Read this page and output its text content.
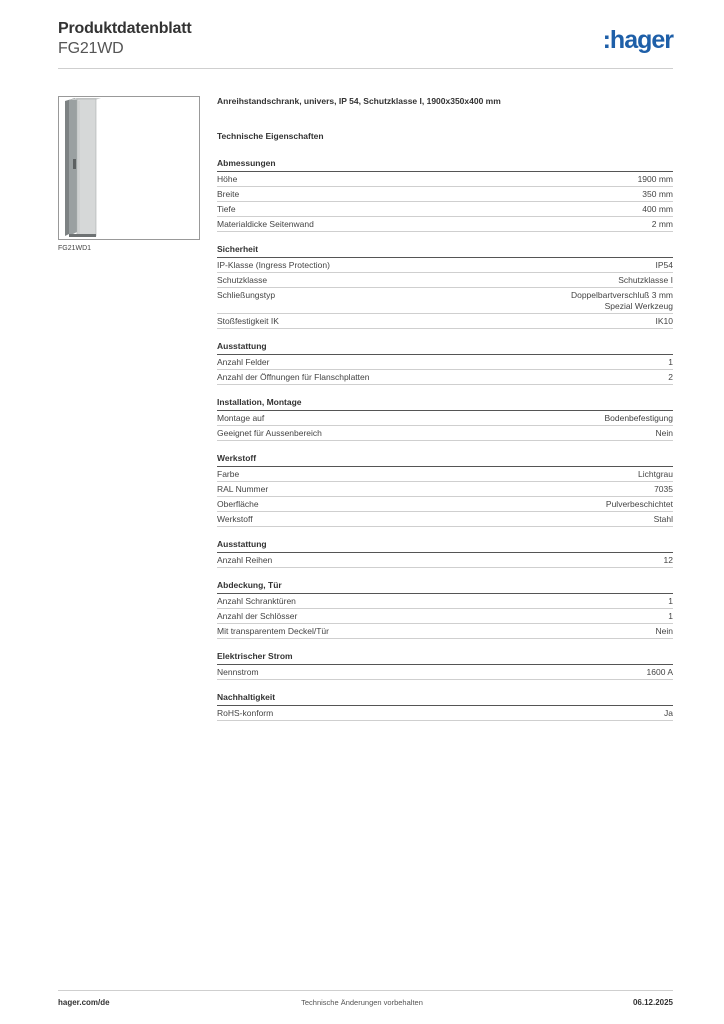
Produktdatenblatt
FG21WD	:hager
FG21WD1
Anreihstandschrank, univers, IP 54, Schutzklasse I, 1900x350x400 mm
Technische Eigenschaften
Abmessungen
Höhe	1900 mm
Breite	350 mm
Tiefe	400 mm
Materialdicke Seitenwand	2 mm
Sicherheit
IP-Klasse (Ingress Protection)	IP54
Schutzklasse	Schutzklasse I
Schließungstyp	Doppelbartverschluß 3 mm
Spezial Werkzeug
Stoßfestigkeit IK	IK10
Ausstattung
Anzahl Felder	1
Anzahl der Öffnungen für Flanschplatten	2
Installation, Montage
Montage auf	Bodenbefestigung
Geeignet für Aussenbereich	Nein
Werkstoff
Farbe	Lichtgrau
RAL Nummer	7035
Oberfläche	Pulverbeschichtet
Werkstoff	Stahl
Ausstattung
Anzahl Reihen	12
Abdeckung, Tür
Anzahl Schranktüren	1
Anzahl der Schlösser	1
Mit transparentem Deckel/Tür	Nein
Elektrischer Strom
Nennstrom	1600 A
Nachhaltigkeit
RoHS-konform	Ja
hager.com/de	Technische Änderungen vorbehalten	06.12.2025
